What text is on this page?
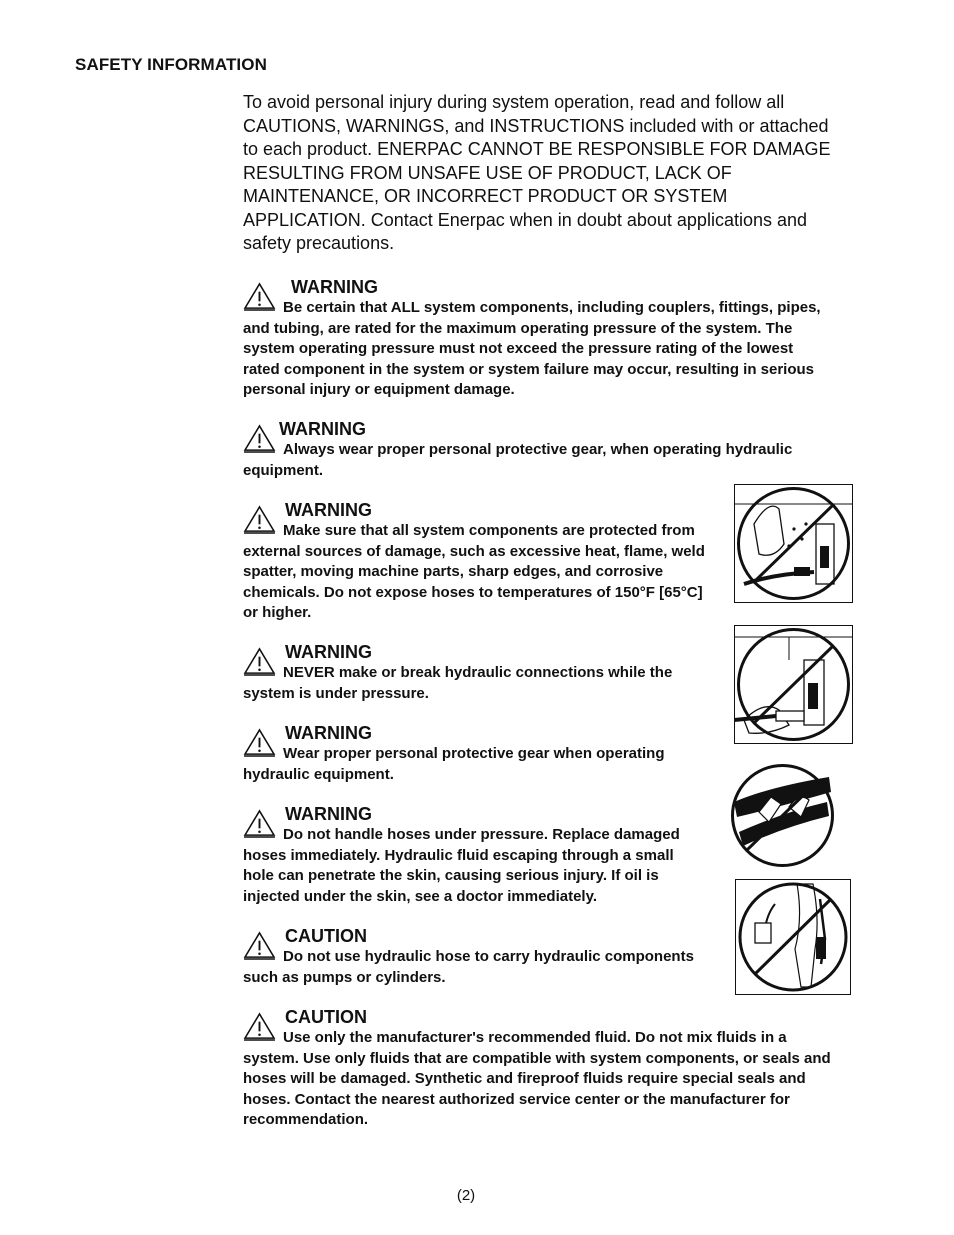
SAFETY INFORMATION
To avoid personal injury during system operation, read and follow all
CAUTIONS, WARNINGS, and INSTRUCTIONS included with or attached
to each product. ENERPAC CANNOT BE RESPONSIBLE FOR DAMAGE
RESULTING FROM UNSAFE USE OF PRODUCT, LACK OF
MAINTENANCE, OR INCORRECT PRODUCT OR SYSTEM
APPLICATION. Contact Enerpac when in doubt about applications and
safety precautions.
WARNING
Be certain that ALL system components, including couplers, fittings, pipes,
and tubing, are rated for the maximum operating pressure of the system. The
system operating pressure must not exceed the pressure rating of the lowest
rated component in the system or system failure may occur, resulting in serious
personal injury or equipment damage.
WARNING
Always wear proper personal protective gear, when operating hydraulic
equipment.
WARNING
Make sure that all system components are protected from
external sources of damage, such as excessive heat, flame, weld
spatter, moving machine parts, sharp edges, and corrosive
chemicals. Do not expose hoses to temperatures of 150°F [65°C]
or higher.
WARNING
NEVER make or break hydraulic connections while the
system is under pressure.
WARNING
Wear proper personal protective gear when operating
hydraulic equipment.
WARNING
Do not handle hoses under pressure. Replace damaged
hoses immediately. Hydraulic fluid escaping through a small
hole can penetrate the skin, causing serious injury. If oil is
injected under the skin, see a doctor immediately.
CAUTION
Do not use hydraulic hose to carry hydraulic components
such as pumps or cylinders.
CAUTION
Use only the manufacturer's recommended fluid. Do not mix fluids in a
system. Use only fluids that are compatible with system components, or seals and
hoses will be damaged. Synthetic and fireproof fluids require special seals and
hoses. Contact the nearest authorized service center or the manufacturer for
recommendation.
(2)
